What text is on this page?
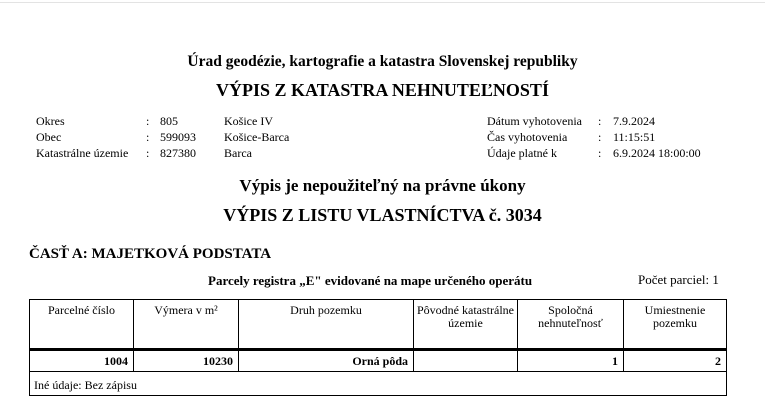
Úrad geodézie, kartografie a katastra Slovenskej republiky
VÝPIS Z KATASTRA NEHNUTEĽNOSTÍ
Okres	: 805	Košice IV
Obec	: 599093 Košice-Barca
Katastrálne územie : 827380 Barca
Dátum vyhotovenia : 7.9.2024
Čas vyhotovenia	: 11:15:51
Údaje platné k	: 6.9.2024 18:00:00
Výpis je nepoužiteľný na právne úkony
VÝPIS Z LISTU VLASTNÍCTVA č. 3034
ČASŤ A: MAJETKOVÁ PODSTATA
Parcely registra „E" evidované na mape určeného operátu	Počet parciel: 1
Parcelné číslo	Výmera v m²	Druh pozemku	Pôvodné katastrálne územie	Spoločná nehnuteľnosť	Umiestnenie pozemku

1004	10230	Orná pôda		1	2
Iné údaje: Bez zápisu					
